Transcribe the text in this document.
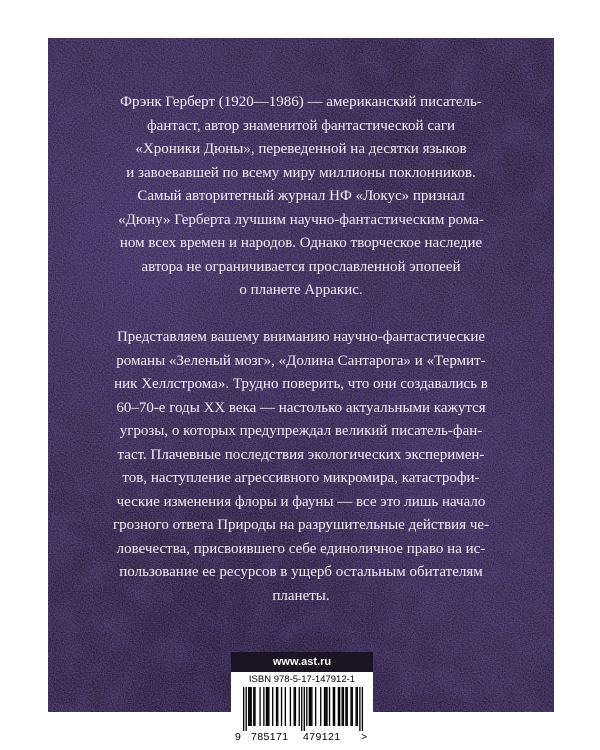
Фрэнк Герберт (1920—1986) — американский писатель-
фантаст, автор знаменитой фантастической саги
«Хроники Дюны», переведенной на десятки языков
и завоевавшей по всему миру миллионы поклонников.
Самый авторитетный журнал НФ «Локус» признал
«Дюну» Герберта лучшим научно-фантастическим рома-
ном всех времен и народов. Однако творческое наследие
автора не ограничивается прославленной эпопеей
о планете Арракис.
Представляем вашему вниманию научно-фантастические
романы «Зеленый мозг», «Долина Сантарога» и «Термит-
ник Хеллстрома». Трудно поверить, что они создавались в
60–70-е годы XX века — настолько актуальными кажутся
угрозы, о которых предупреждал великий писатель-фан-
таст. Плачевные последствия экологических эксперимен-
тов, наступление агрессивного микромира, катастрофи-
ческие изменения флоры и фауны — все это лишь начало
грозного ответа Природы на разрушительные действия че-
ловечества, присвоившего себе единоличное право на ис-
пользование ее ресурсов в ущерб остальным обитателям
планеты.
www.ast.ru
ISBN 978-5-17-147912-1
9 785171 479121 >
